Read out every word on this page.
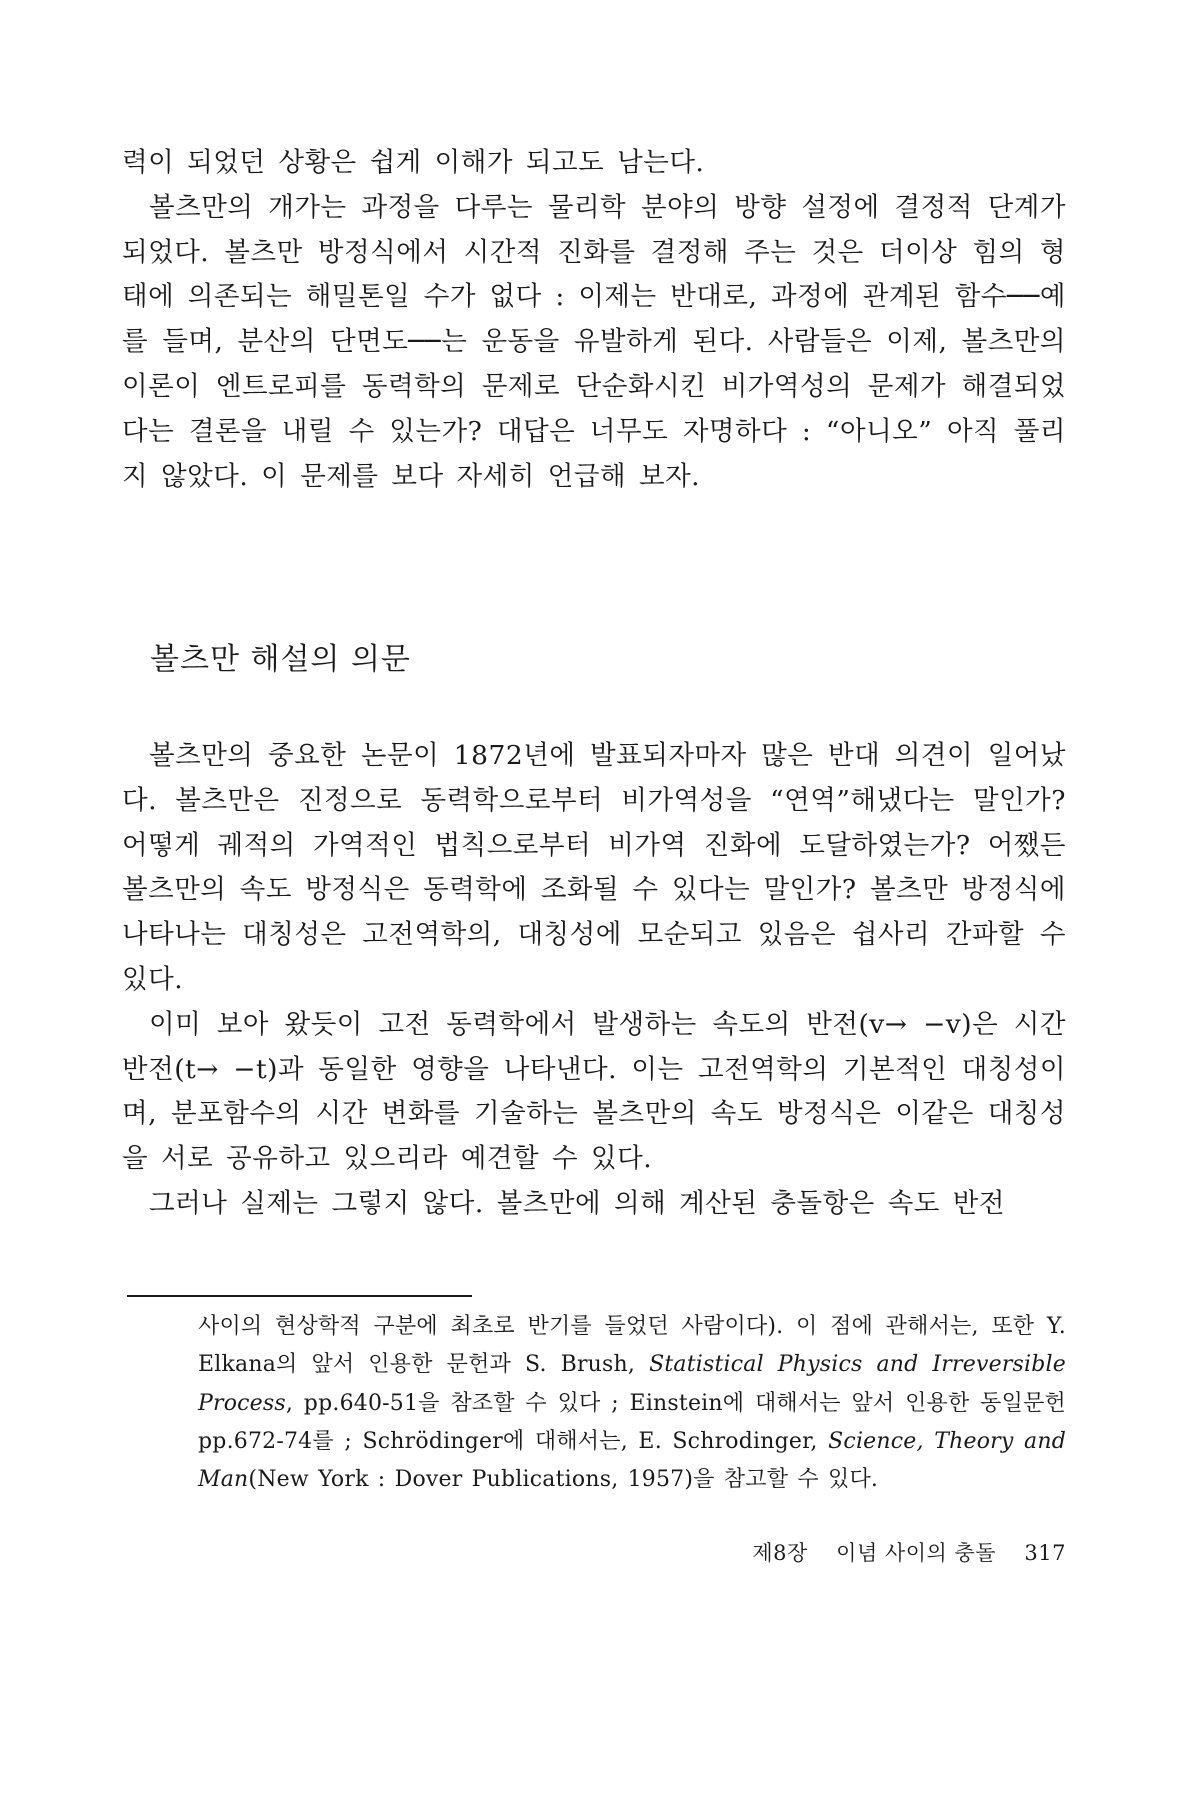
력이 되었던 상황은 쉽게 이해가 되고도 남는다.

볼츠만의 개가는 과정을 다루는 물리학 분야의 방향 설정에 결정적 단계가 되었다. 볼츠만 방정식에서 시간적 진화를 결정해 주는 것은 더이상 힘의 형태에 의존되는 해밀톤일 수가 없다 : 이제는 반대로, 과정에 관계된 함수──예를 들며, 분산의 단면도──는 운동을 유발하게 된다. 사람들은 이제, 볼츠만의 이론이 엔트로피를 동력학의 문제로 단순화시킨 비가역성의 문제가 해결되었다는 결론을 내릴 수 있는가? 대답은 너무도 자명하다 : “아니오” 아직 풀리지 않았다. 이 문제를 보다 자세히 언급해 보자.

볼츠만 해설의 의문

볼츠만의 중요한 논문이 1872년에 발표되자마자 많은 반대 의견이 일어났다. 볼츠만은 진정으로 동력학으로부터 비가역성을 “연역”해냈다는 말인가? 어떻게 궤적의 가역적인 법칙으로부터 비가역 진화에 도달하였는가? 어쨌든 볼츠만의 속도 방정식은 동력학에 조화될 수 있다는 말인가? 볼츠만 방정식에 나타나는 대칭성은 고전역학의, 대칭성에 모순되고 있음은 쉽사리 간파할 수 있다.

이미 보아 왔듯이 고전 동력학에서 발생하는 속도의 반전(v→ −v)은 시간 반전(t→ −t)과 동일한 영향을 나타낸다. 이는 고전역학의 기본적인 대칭성이며, 분포함수의 시간 변화를 기술하는 볼츠만의 속도 방정식은 이같은 대칭성을 서로 공유하고 있으리라 예견할 수 있다.

그러나 실제는 그렇지 않다. 볼츠만에 의해 계산된 충돌항은 속도 반전

사이의 현상학적 구분에 최초로 반기를 들었던 사람이다). 이 점에 관해서는, 또한 Y. Elkana의 앞서 인용한 문헌과 S. Brush, Statistical Physics and Irreversible Process, pp.640-51을 참조할 수 있다 ; Einstein에 대해서는 앞서 인용한 동일문헌 pp.672-74를 ; Schrödinger에 대해서는, E. Schrodinger, Science, Theory and Man(New York : Dover Publications, 1957)을 참고할 수 있다.

제8장 이념 사이의 충돌 317
